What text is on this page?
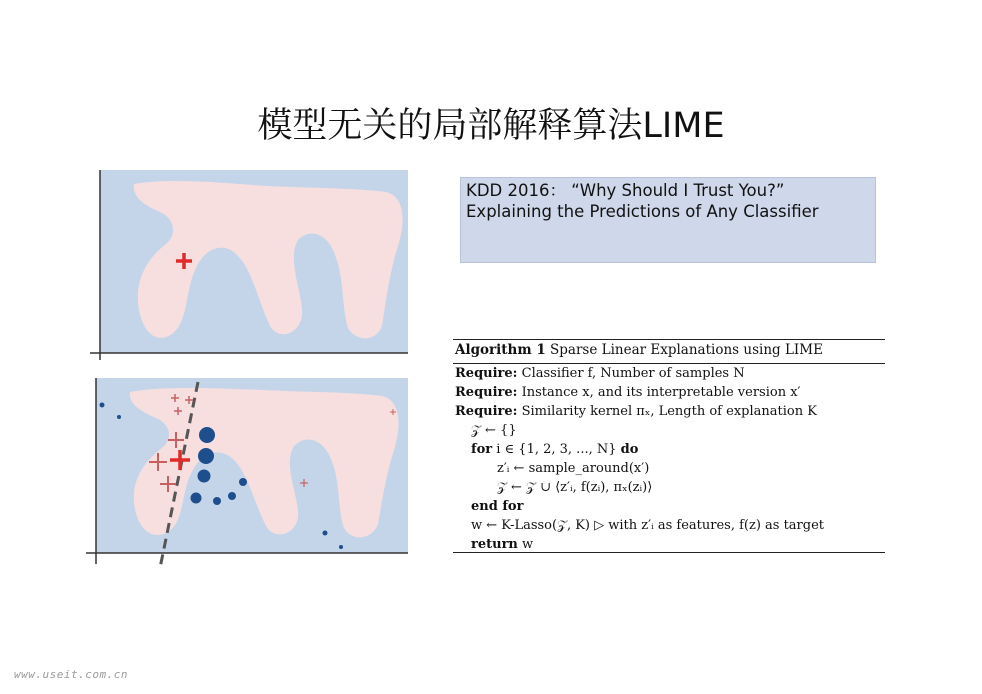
模型无关的局部解释算法LIME
KDD 2016： “Why Should I Trust You?”
Explaining the Predictions of Any Classifier
Algorithm 1 Sparse Linear Explanations using LIME
Require: Classifier f, Number of samples N
Require: Instance x, and its interpretable version x′
Require: Similarity kernel πₓ, Length of explanation K
𝒵 ← {}
for i ∈ {1, 2, 3, ..., N} do
z′ᵢ ← sample_around(x′)
𝒵 ← 𝒵 ∪ ⟨z′ᵢ, f(zᵢ), πₓ(zᵢ)⟩
end for
w ← K-Lasso(𝒵, K) ▷ with z′ᵢ as features, f(z) as target
return w
www.useit.com.cn
